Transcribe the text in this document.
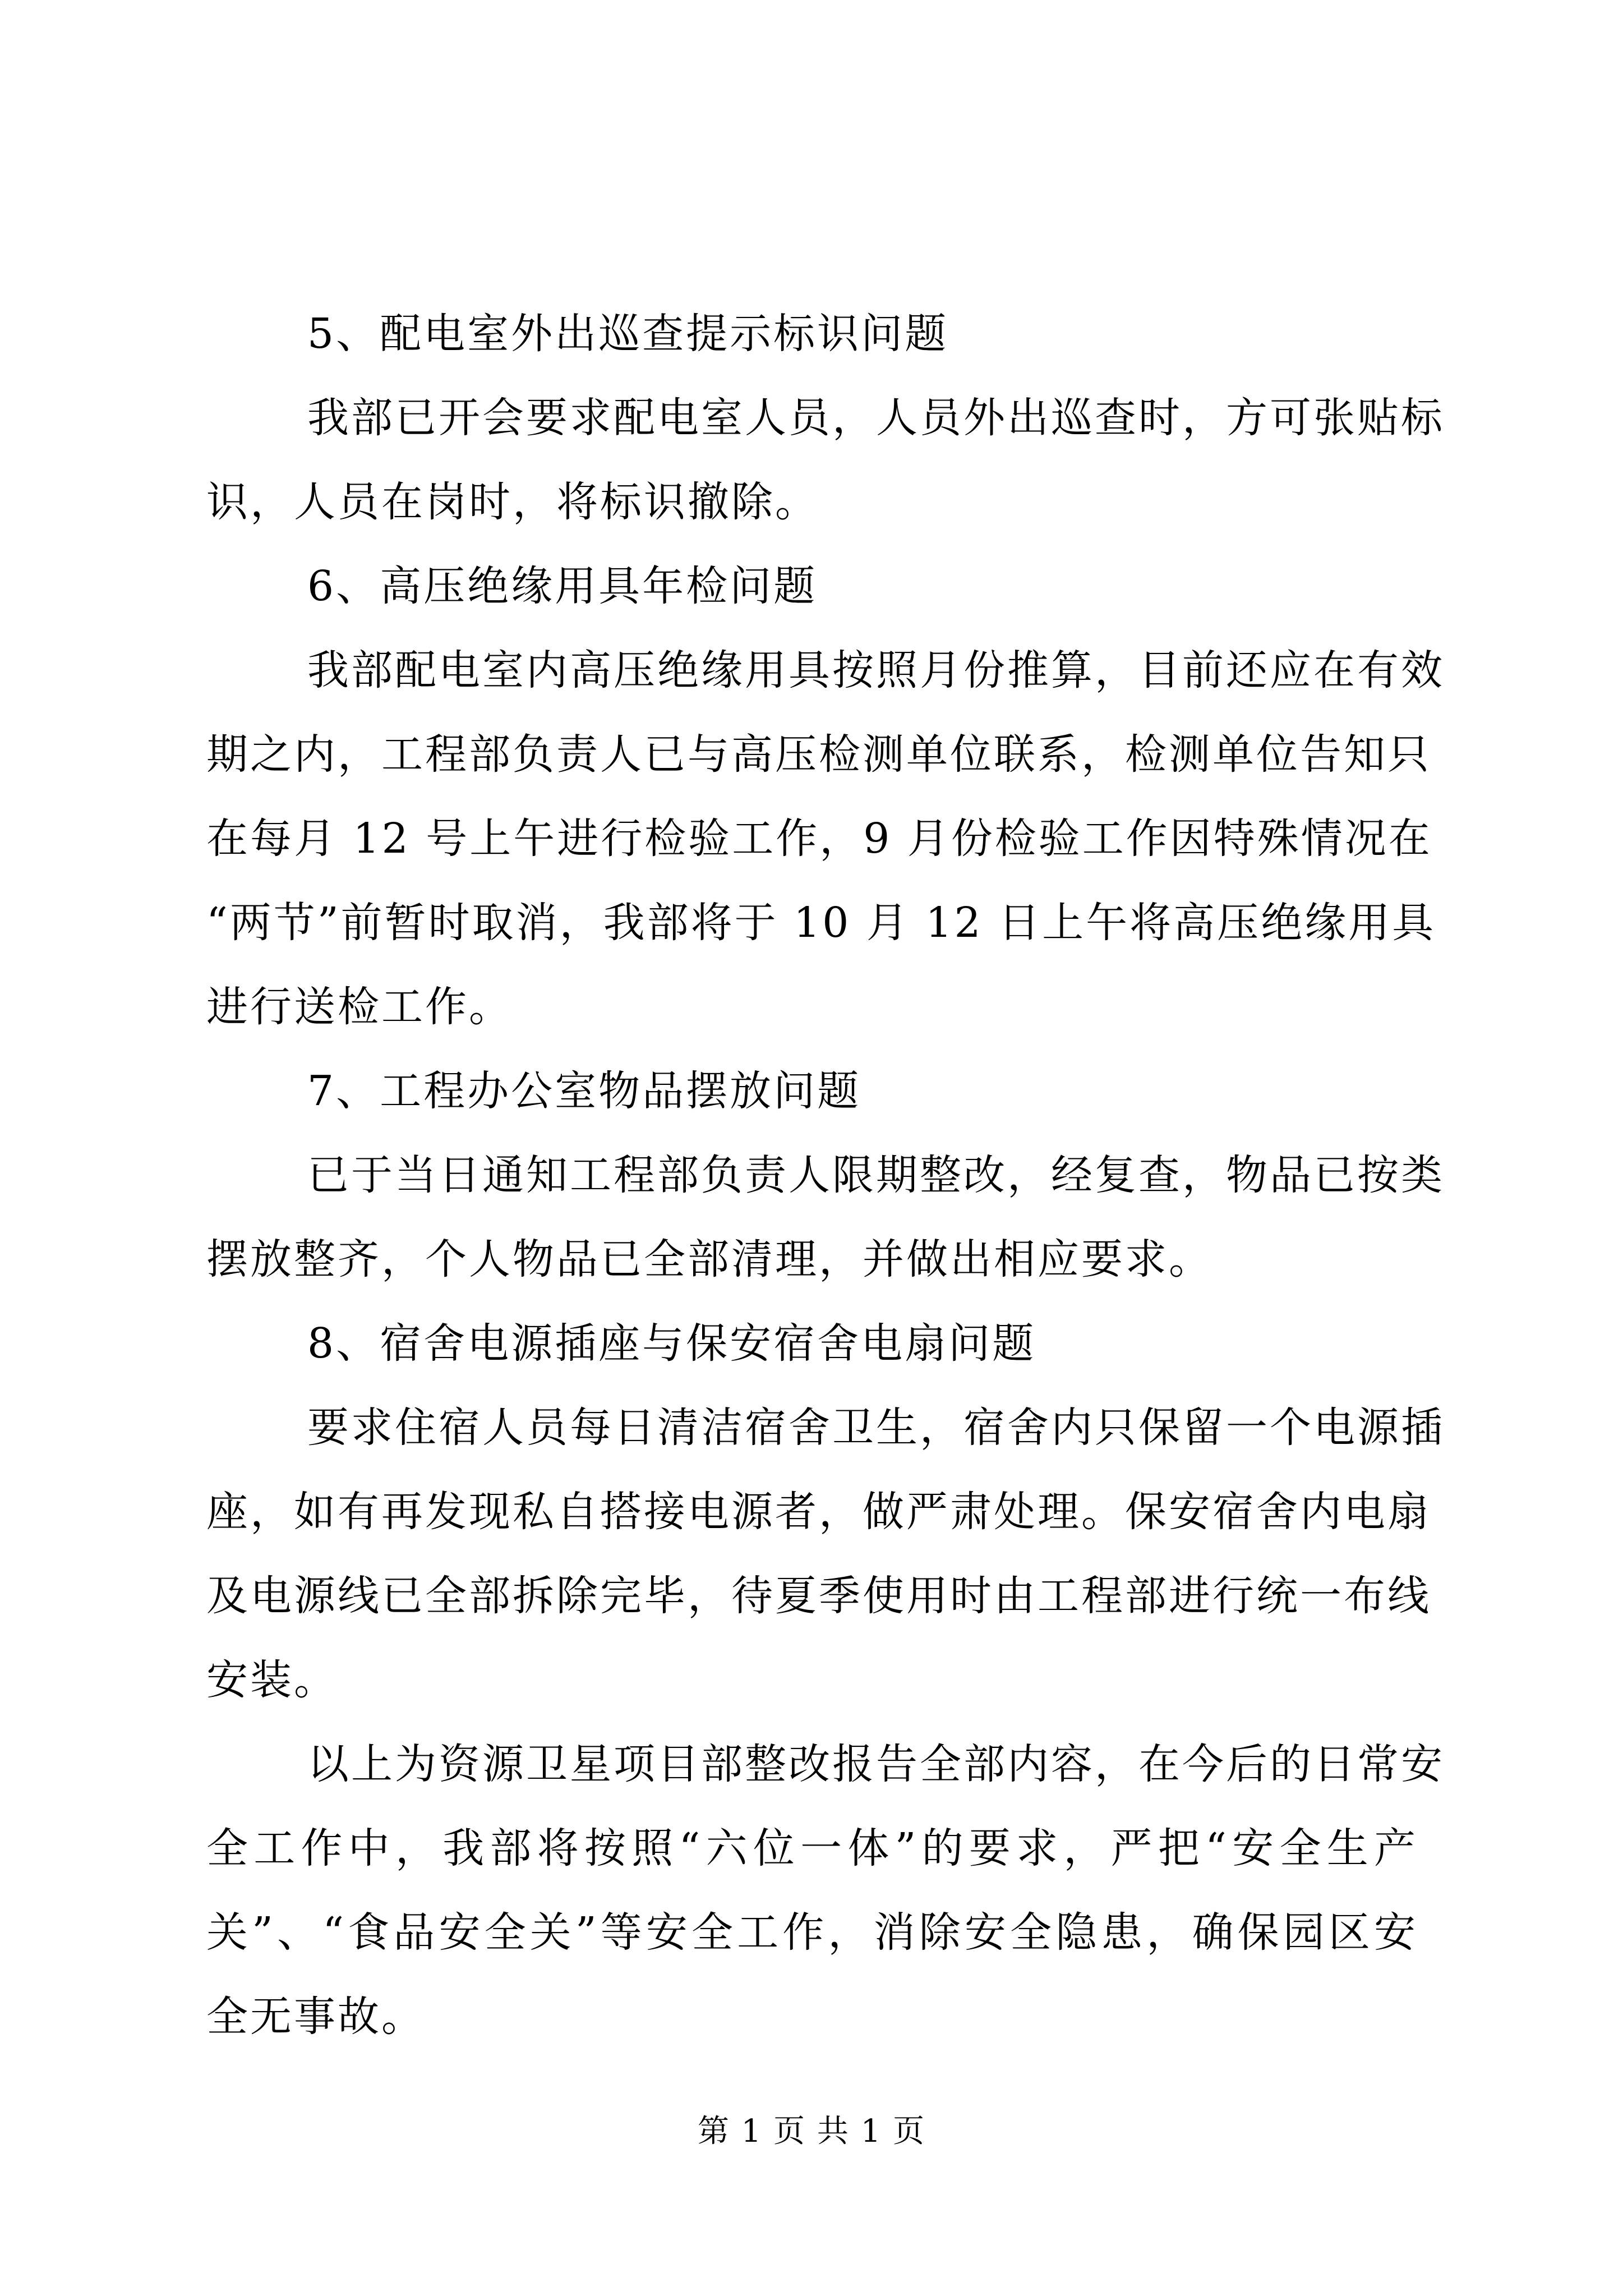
5、配电室外出巡查提示标识问题
我部已开会要求配电室人员，人员外出巡查时，方可张贴标
识，人员在岗时，将标识撤除。
6、高压绝缘用具年检问题
我部配电室内高压绝缘用具按照月份推算，目前还应在有效
期之内，工程部负责人已与高压检测单位联系，检测单位告知只
在每月 12 号上午进行检验工作，9 月份检验工作因特殊情况在
“两节”前暂时取消，我部将于 10 月 12 日上午将高压绝缘用具
进行送检工作。
7、工程办公室物品摆放问题
已于当日通知工程部负责人限期整改，经复查，物品已按类
摆放整齐，个人物品已全部清理，并做出相应要求。
8、宿舍电源插座与保安宿舍电扇问题
要求住宿人员每日清洁宿舍卫生，宿舍内只保留一个电源插
座，如有再发现私自搭接电源者，做严肃处理。保安宿舍内电扇
及电源线已全部拆除完毕，待夏季使用时由工程部进行统一布线
安装。
以上为资源卫星项目部整改报告全部内容，在今后的日常安
全工作中，我部将按照“六位一体”的要求，严把“安全生产
关”、“食品安全关”等安全工作，消除安全隐患，确保园区安
全无事故。
第 1 页 共 1 页
